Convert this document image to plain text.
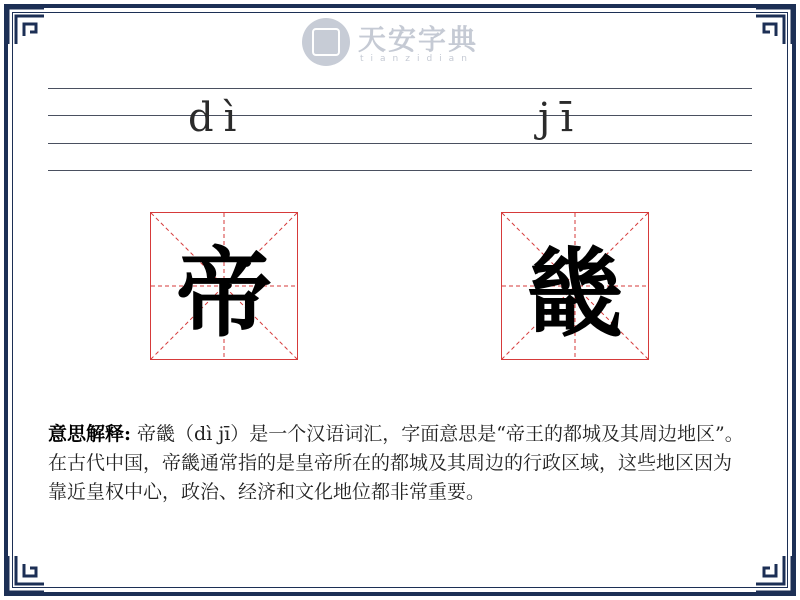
天安字典
tianzidian
dì	jī
帝	畿
意思解释: 帝畿（dì jī）是一个汉语词汇，字面意思是“帝王的都城及其周边地区”。在古代中国，帝畿通常指的是皇帝所在的都城及其周边的行政区域，这些地区因为靠近皇权中心，政治、经济和文化地位都非常重要。
